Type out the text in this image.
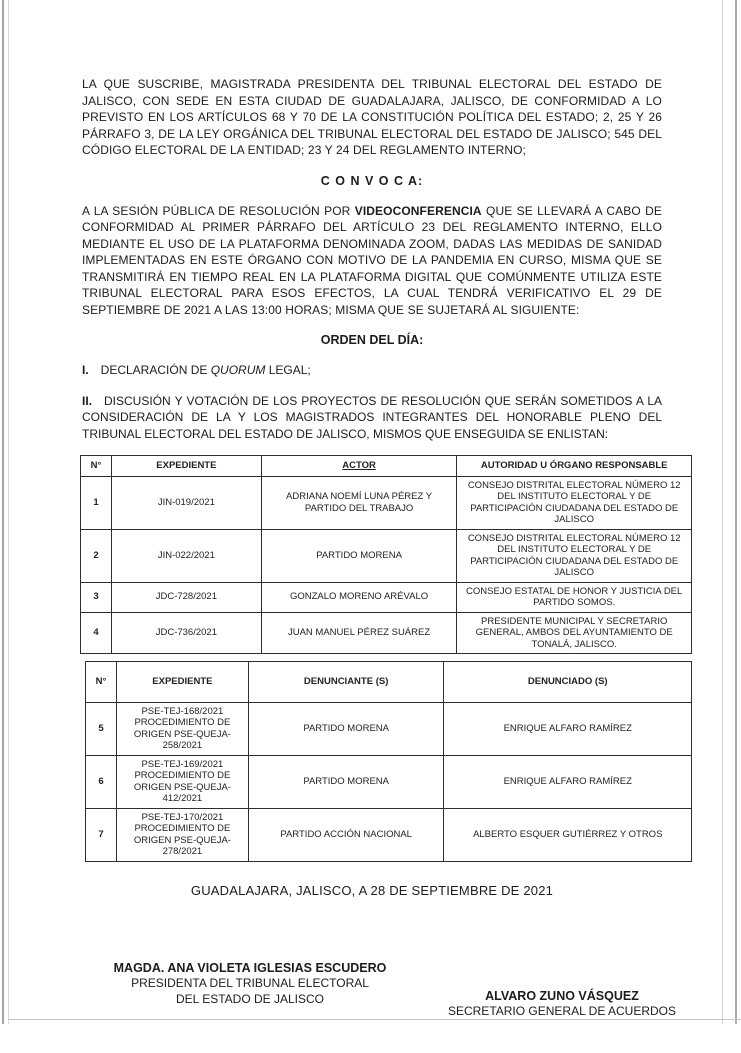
LA QUE SUSCRIBE, MAGISTRADA PRESIDENTA DEL TRIBUNAL ELECTORAL DEL ESTADO DE JALISCO, CON SEDE EN ESTA CIUDAD DE GUADALAJARA, JALISCO, DE CONFORMIDAD A LO PREVISTO EN LOS ARTÍCULOS 68 Y 70 DE LA CONSTITUCIÓN POLÍTICA DEL ESTADO; 2, 25 Y 26 PÁRRAFO 3, DE LA LEY ORGÁNICA DEL TRIBUNAL ELECTORAL DEL ESTADO DE JALISCO; 545 DEL CÓDIGO ELECTORAL DE LA ENTIDAD; 23 Y 24 DEL REGLAMENTO INTERNO;

C O N V O C A:

A LA SESIÓN PÚBLICA DE RESOLUCIÓN POR VIDEOCONFERENCIA QUE SE LLEVARÁ A CABO DE CONFORMIDAD AL PRIMER PÁRRAFO DEL ARTÍCULO 23 DEL REGLAMENTO INTERNO, ELLO MEDIANTE EL USO DE LA PLATAFORMA DENOMINADA ZOOM, DADAS LAS MEDIDAS DE SANIDAD IMPLEMENTADAS EN ESTE ÓRGANO CON MOTIVO DE LA PANDEMIA EN CURSO, MISMA QUE SE TRANSMITIRÁ EN TIEMPO REAL EN LA PLATAFORMA DIGITAL QUE COMÚNMENTE UTILIZA ESTE TRIBUNAL ELECTORAL PARA ESOS EFECTOS, LA CUAL TENDRÁ VERIFICATIVO EL 29 DE SEPTIEMBRE DE 2021 A LAS 13:00 HORAS; MISMA QUE SE SUJETARÁ AL SIGUIENTE:

ORDEN DEL DÍA:
I. DECLARACIÓN DE QUORUM LEGAL;
II. DISCUSIÓN Y VOTACIÓN DE LOS PROYECTOS DE RESOLUCIÓN QUE SERÁN SOMETIDOS A LA CONSIDERACIÓN DE LA Y LOS MAGISTRADOS INTEGRANTES DEL HONORABLE PLENO DEL TRIBUNAL ELECTORAL DEL ESTADO DE JALISCO, MISMOS QUE ENSEGUIDA SE ENLISTAN:
N°	EXPEDIENTE	ACTOR	AUTORIDAD U ÓRGANO RESPONSABLE
1	JIN-019/2021	ADRIANA NOEMÍ LUNA PÉREZ Y PARTIDO DEL TRABAJO	CONSEJO DISTRITAL ELECTORAL NÚMERO 12 DEL INSTITUTO ELECTORAL Y DE PARTICIPACIÓN CIUDADANA DEL ESTADO DE JALISCO
2	JIN-022/2021	PARTIDO MORENA	CONSEJO DISTRITAL ELECTORAL NÚMERO 12 DEL INSTITUTO ELECTORAL Y DE PARTICIPACIÓN CIUDADANA DEL ESTADO DE JALISCO
3	JDC-728/2021	GONZALO MORENO ARÉVALO	CONSEJO ESTATAL DE HONOR Y JUSTICIA DEL PARTIDO SOMOS.
4	JDC-736/2021	JUAN MANUEL PÉREZ SUÁREZ	PRESIDENTE MUNICIPAL Y SECRETARIO GENERAL, AMBOS DEL AYUNTAMIENTO DE TONALÁ, JALISCO.
N°	EXPEDIENTE	DENUNCIANTE (S)	DENUNCIADO (S)
5	PSE-TEJ-168/2021 PROCEDIMIENTO DE ORIGEN PSE-QUEJA-258/2021	PARTIDO MORENA	ENRIQUE ALFARO RAMÍREZ
6	PSE-TEJ-169/2021 PROCEDIMIENTO DE ORIGEN PSE-QUEJA-412/2021	PARTIDO MORENA	ENRIQUE ALFARO RAMÍREZ
7	PSE-TEJ-170/2021 PROCEDIMIENTO DE ORIGEN PSE-QUEJA-278/2021	PARTIDO ACCIÓN NACIONAL	ALBERTO ESQUER GUTIÉRREZ Y OTROS
GUADALAJARA, JALISCO, A 28 DE SEPTIEMBRE DE 2021
MAGDA. ANA VIOLETA IGLESIAS ESCUDERO
PRESIDENTA DEL TRIBUNAL ELECTORAL
DEL ESTADO DE JALISCO	ALVARO ZUNO VÁSQUEZ
SECRETARIO GENERAL DE ACUERDOS
